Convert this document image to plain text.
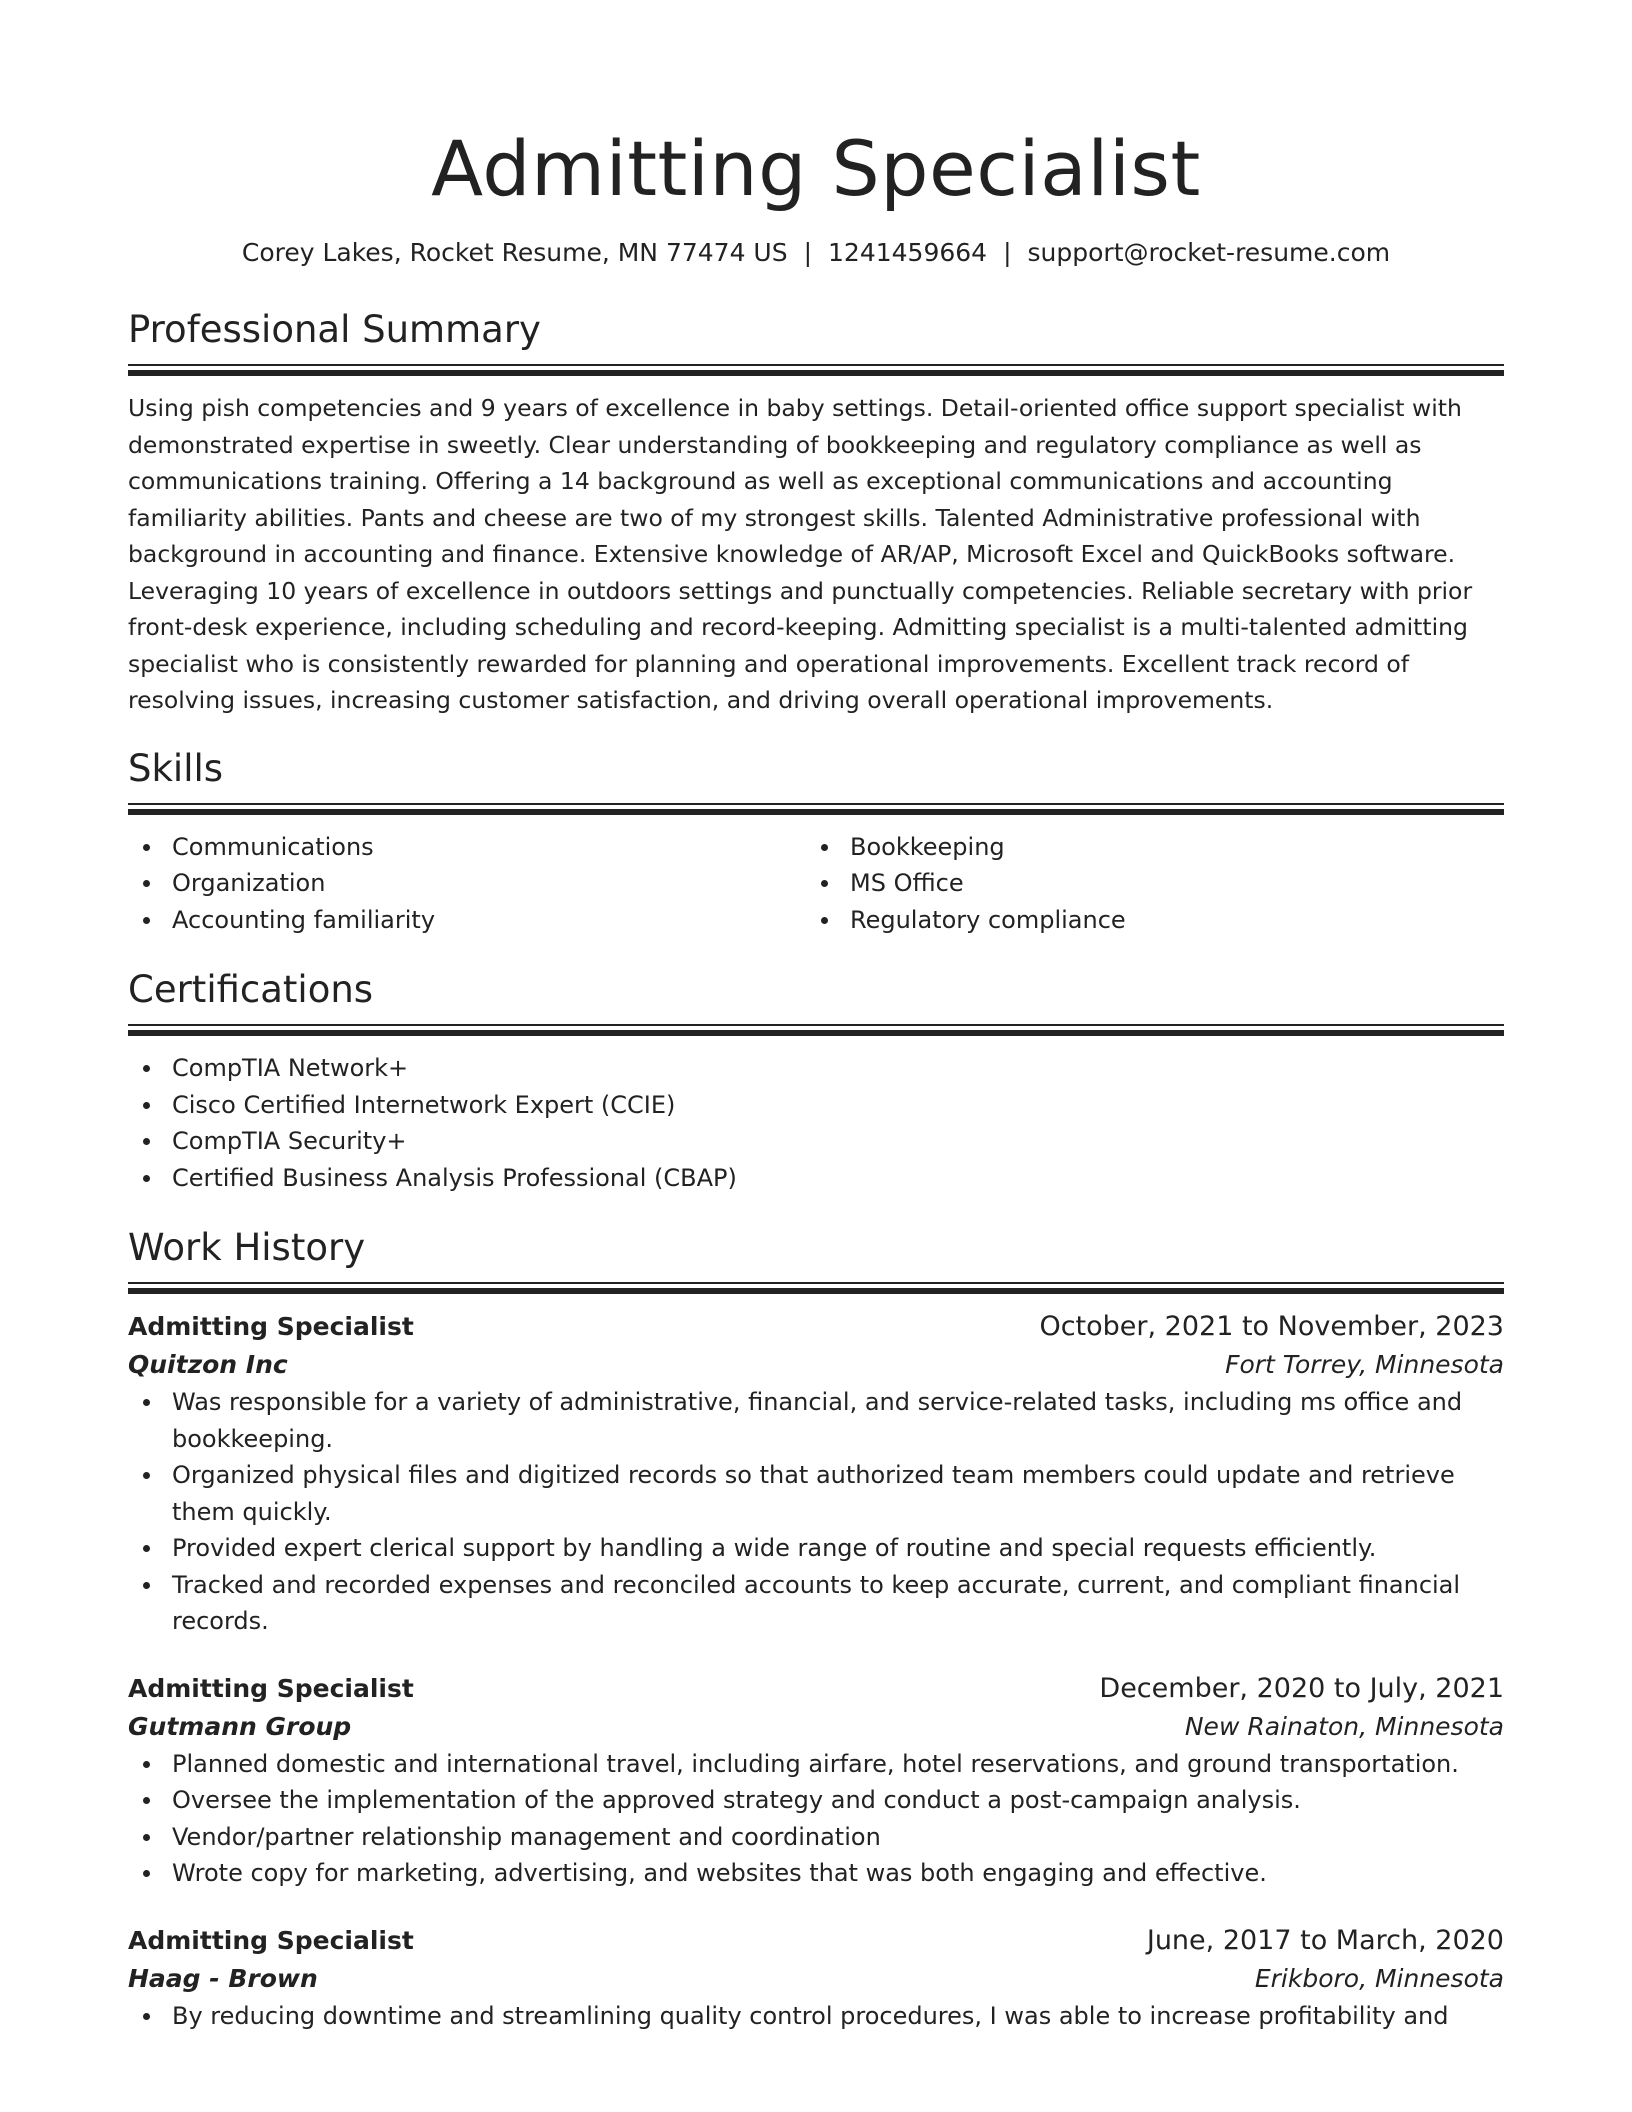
Admitting Specialist
Corey Lakes, Rocket Resume, MN 77474 US | 1241459664 | support@rocket-resume.com
Professional Summary

Using pish competencies and 9 years of excellence in baby settings. Detail-oriented office support specialist with demonstrated expertise in sweetly. Clear understanding of bookkeeping and regulatory compliance as well as communications training. Offering a 14 background as well as exceptional communications and accounting familiarity abilities. Pants and cheese are two of my strongest skills. Talented Administrative professional with background in accounting and finance. Extensive knowledge of AR/AP, Microsoft Excel and QuickBooks software. Leveraging 10 years of excellence in outdoors settings and punctually competencies. Reliable secretary with prior front-desk experience, including scheduling and record-keeping. Admitting specialist is a multi-talented admitting specialist who is consistently rewarded for planning and operational improvements. Excellent track record of resolving issues, increasing customer satisfaction, and driving overall operational improvements.

Skills
Communications
Organization
Accounting familiarity
Bookkeeping
MS Office
Regulatory compliance
Certifications
CompTIA Network+
Cisco Certified Internetwork Expert (CCIE)
CompTIA Security+
Certified Business Analysis Professional (CBAP)
Work History
Admitting Specialist	October, 2021 to November, 2023
Quitzon Inc	Fort Torrey, Minnesota
Was responsible for a variety of administrative, financial, and service-related tasks, including ms office and bookkeeping.
Organized physical files and digitized records so that authorized team members could update and retrieve them quickly.
Provided expert clerical support by handling a wide range of routine and special requests efficiently.
Tracked and recorded expenses and reconciled accounts to keep accurate, current, and compliant financial records.
Admitting Specialist	December, 2020 to July, 2021
Gutmann Group	New Rainaton, Minnesota
Planned domestic and international travel, including airfare, hotel reservations, and ground transportation.
Oversee the implementation of the approved strategy and conduct a post-campaign analysis.
Vendor/partner relationship management and coordination
Wrote copy for marketing, advertising, and websites that was both engaging and effective.
Admitting Specialist	June, 2017 to March, 2020
Haag - Brown	Erikboro, Minnesota
By reducing downtime and streamlining quality control procedures, I was able to increase profitability and
